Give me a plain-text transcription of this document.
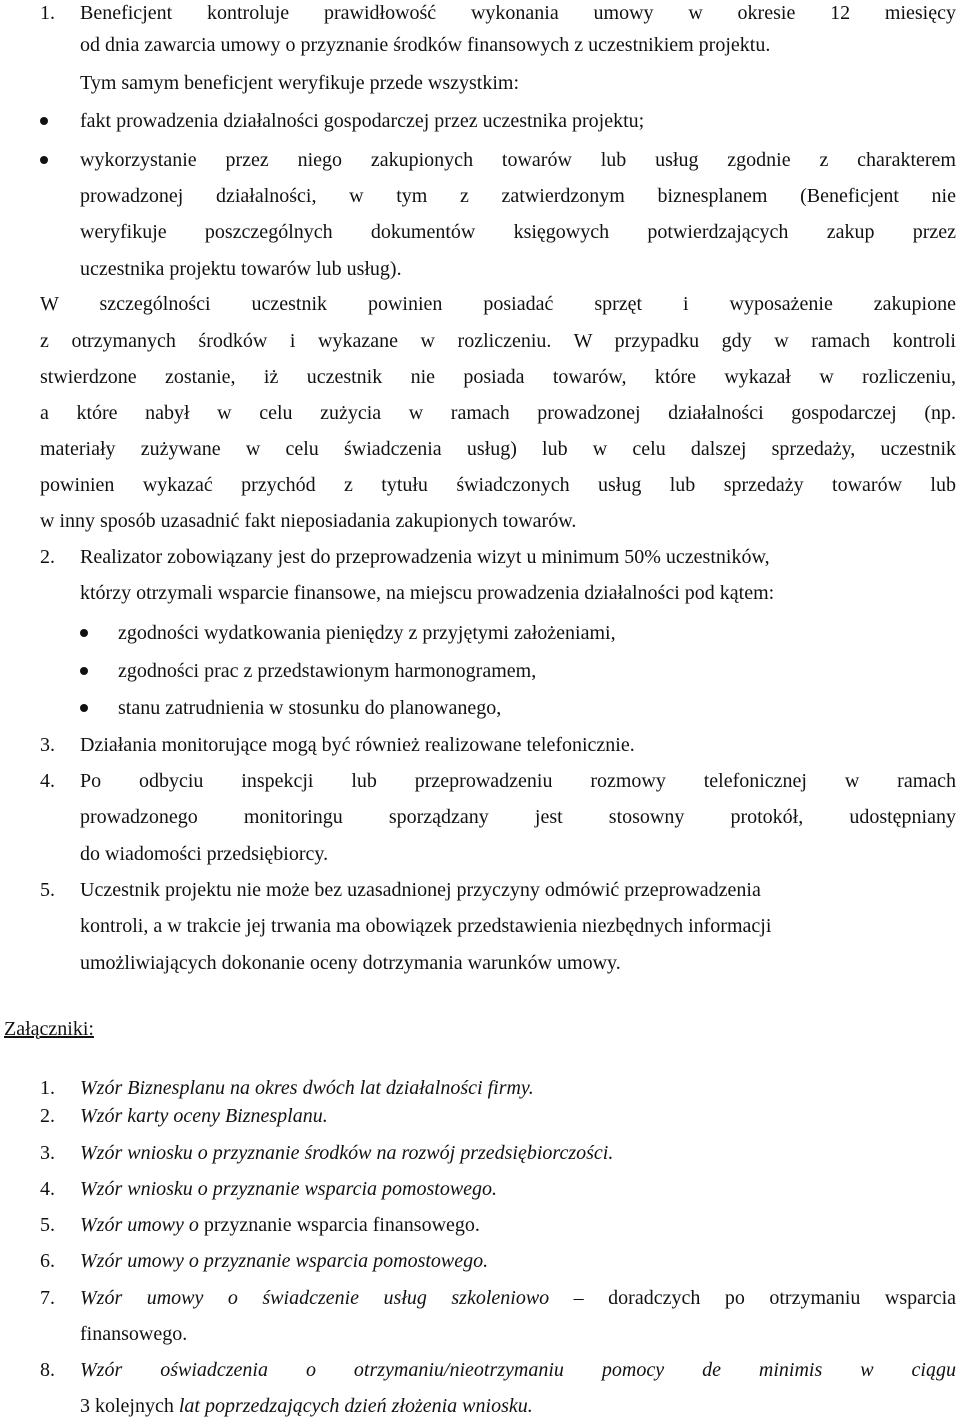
1. Beneficjent kontroluje prawidłowość wykonania umowy w okresie 12 miesięcy
od dnia zawarcia umowy o przyznanie środków finansowych z uczestnikiem projektu.
Tym samym beneficjent weryfikuje przede wszystkim:
fakt prowadzenia działalności gospodarczej przez uczestnika projektu;
wykorzystanie przez niego zakupionych towarów lub usług zgodnie z charakterem
prowadzonej działalności, w tym z zatwierdzonym biznesplanem (Beneficjent nie
weryfikuje poszczególnych dokumentów księgowych potwierdzających zakup przez
uczestnika projektu towarów lub usług).
W szczególności uczestnik powinien posiadać sprzęt i wyposażenie zakupione
z otrzymanych środków i wykazane w rozliczeniu. W przypadku gdy w ramach kontroli
stwierdzone zostanie, iż uczestnik nie posiada towarów, które wykazał w rozliczeniu,
a które nabył w celu zużycia w ramach prowadzonej działalności gospodarczej (np.
materiały zużywane w celu świadczenia usług) lub w celu dalszej sprzedaży, uczestnik
powinien wykazać przychód z tytułu świadczonych usług lub sprzedaży towarów lub
w inny sposób uzasadnić fakt nieposiadania zakupionych towarów.
2. Realizator zobowiązany jest do przeprowadzenia wizyt u minimum 50% uczestników,
którzy otrzymali wsparcie finansowe, na miejscu prowadzenia działalności pod kątem:
zgodności wydatkowania pieniędzy z przyjętymi założeniami,
zgodności prac z przedstawionym harmonogramem,
stanu zatrudnienia w stosunku do planowanego,
3. Działania monitorujące mogą być również realizowane telefonicznie.
4. Po odbyciu inspekcji lub przeprowadzeniu rozmowy telefonicznej w ramach
prowadzonego monitoringu sporządzany jest stosowny protokół, udostępniany
do wiadomości przedsiębiorcy.
5. Uczestnik projektu nie może bez uzasadnionej przyczyny odmówić przeprowadzenia
kontroli, a w trakcie jej trwania ma obowiązek przedstawienia niezbędnych informacji
umożliwiających dokonanie oceny dotrzymania warunków umowy.
Załączniki:
1. Wzór Biznesplanu na okres dwóch lat działalności firmy.
2. Wzór karty oceny Biznesplanu.
3. Wzór wniosku o przyznanie środków na rozwój przedsiębiorczości.
4. Wzór wniosku o przyznanie wsparcia pomostowego.
5. Wzór umowy o przyznanie wsparcia finansowego.
6. Wzór umowy o przyznanie wsparcia pomostowego.
7. Wzór umowy o świadczenie usług szkoleniowo – doradczych po otrzymaniu wsparcia
finansowego.
8. Wzór oświadczenia o otrzymaniu/nieotrzymaniu pomocy de minimis w ciągu
3 kolejnych lat poprzedzających dzień złożenia wniosku.
